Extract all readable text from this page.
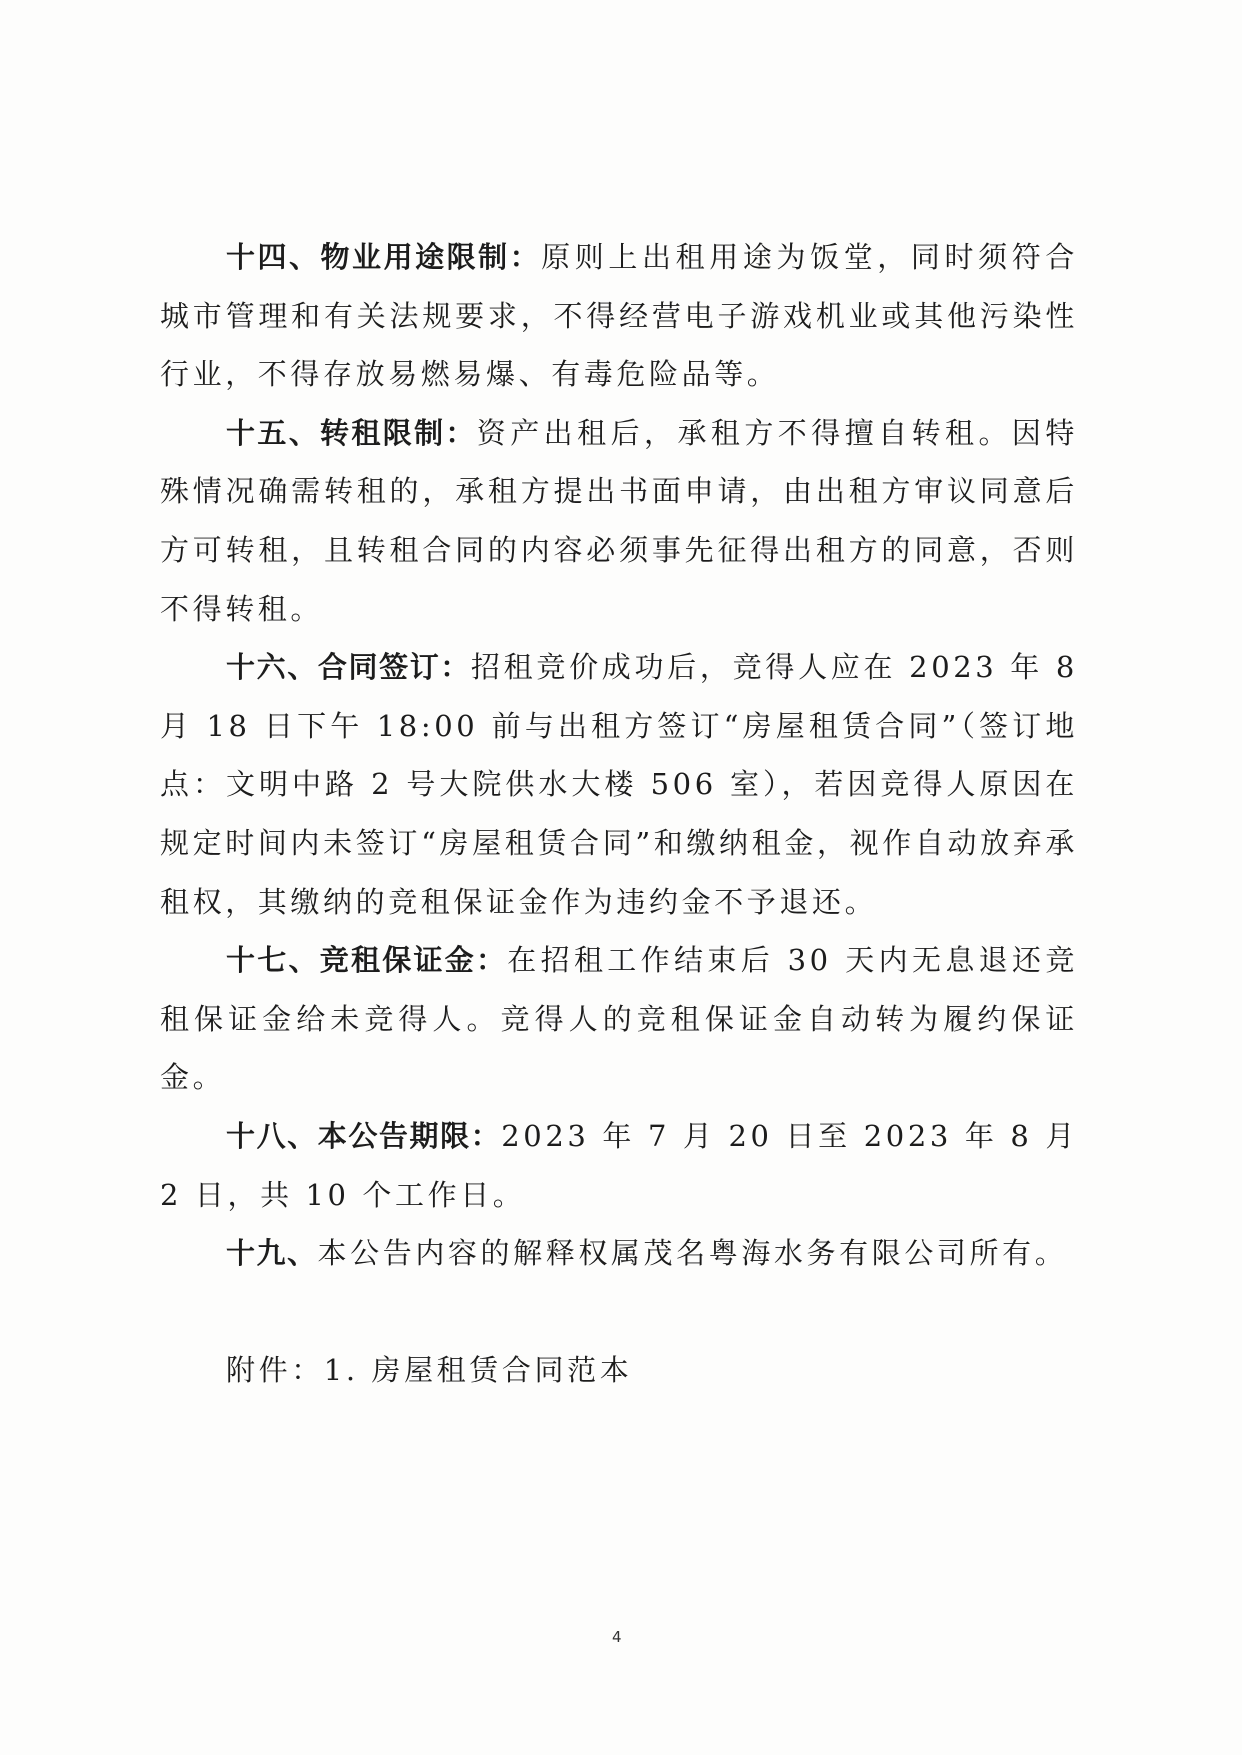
十四、物业用途限制：原则上出租用途为饭堂，同时须符合城市管理和有关法规要求，不得经营电子游戏机业或其他污染性行业，不得存放易燃易爆、有毒危险品等。

十五、转租限制：资产出租后，承租方不得擅自转租。因特殊情况确需转租的，承租方提出书面申请，由出租方审议同意后方可转租，且转租合同的内容必须事先征得出租方的同意，否则不得转租。

十六、合同签订：招租竞价成功后，竞得人应在 2023 年 8 月 18 日下午 18:00 前与出租方签订“房屋租赁合同”（签订地点：文明中路 2 号大院供水大楼 506 室），若因竞得人原因在规定时间内未签订“房屋租赁合同”和缴纳租金，视作自动放弃承租权，其缴纳的竞租保证金作为违约金不予退还。

十七、竞租保证金：在招租工作结束后 30 天内无息退还竞租保证金给未竞得人。竞得人的竞租保证金自动转为履约保证金。

十八、本公告期限：2023 年 7 月 20 日至 2023 年 8 月 2 日，共 10 个工作日。

十九、本公告内容的解释权属茂名粤海水务有限公司所有。

附件：1. 房屋租赁合同范本

4
